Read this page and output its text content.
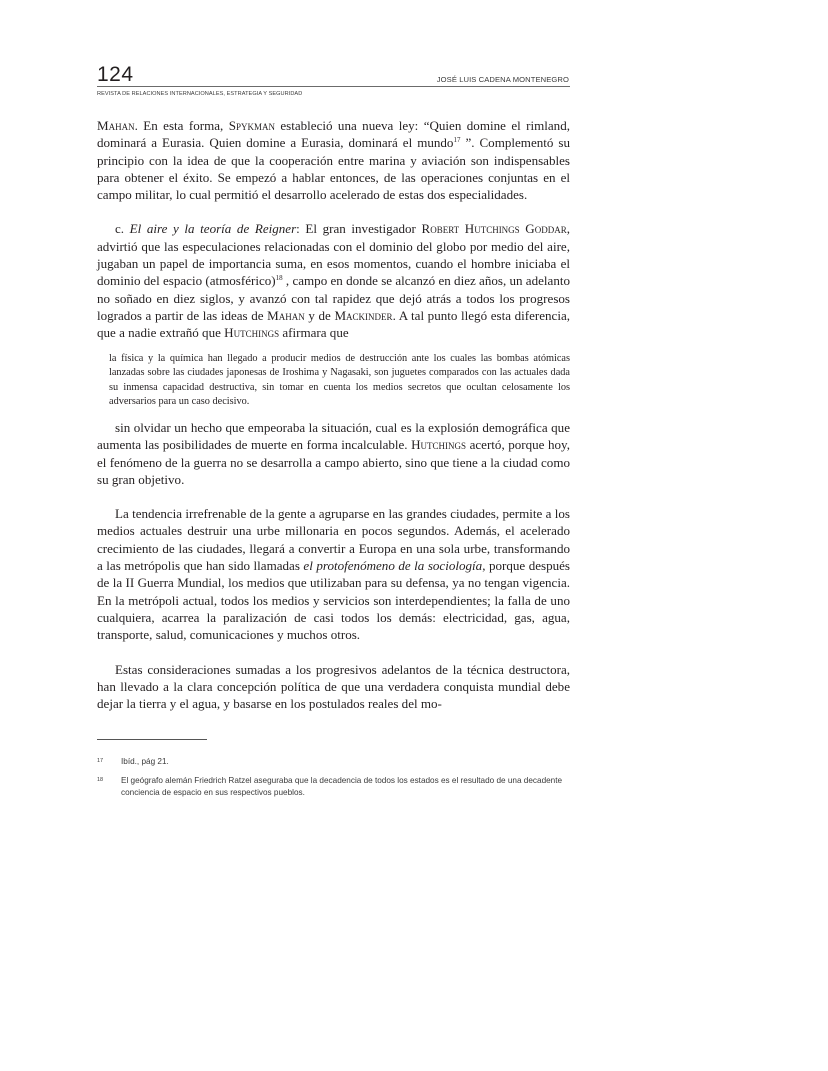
124	JOSÉ LUIS CADENA MONTENEGRO
REVISTA DE RELACIONES INTERNACIONALES, ESTRATEGIA Y SEGURIDAD

Mahan. En esta forma, Spykman estableció una nueva ley: “Quien domine el rimland, dominará a Eurasia. Quien domine a Eurasia, dominará el mundo$^{17}$ ”. Complementó su principio con la idea de que la cooperación entre marina y aviación son indispensables para obtener el éxito. Se empezó a hablar entonces, de las operaciones conjuntas en el campo militar, lo cual permitió el desarrollo acelerado de estas dos especialidades.

c. El aire y la teoría de Reigner: El gran investigador Robert Hutchings Goddar, advirtió que las especulaciones relacionadas con el dominio del globo por medio del aire, jugaban un papel de importancia suma, en esos momentos, cuando el hombre iniciaba el dominio del espacio (atmosférico)$^{18}$ , campo en donde se alcanzó en diez años, un adelanto no soñado en diez siglos, y avanzó con tal rapidez que dejó atrás a todos los progresos logrados a partir de las ideas de Mahan y de Mackinder. A tal punto llegó esta diferencia, que a nadie extrañó que Hutchings afirmara que

la física y la química han llegado a producir medios de destrucción ante los cuales las bombas atómicas lanzadas sobre las ciudades japonesas de Iroshima y Nagasaki, son juguetes comparados con las actuales dada su inmensa capacidad destructiva, sin tomar en cuenta los medios secretos que ocultan celosamente los adversarios para un caso decisivo.

sin olvidar un hecho que empeoraba la situación, cual es la explosión demográfica que aumenta las posibilidades de muerte en forma incalculable. Hutchings acertó, porque hoy, el fenómeno de la guerra no se desarrolla a campo abierto, sino que tiene a la ciudad como su gran objetivo.

La tendencia irrefrenable de la gente a agruparse en las grandes ciudades, permite a los medios actuales destruir una urbe millonaria en pocos segundos. Además, el acelerado crecimiento de las ciudades, llegará a convertir a Europa en una sola urbe, transformando a las metrópolis que han sido llamadas el protofenómeno de la sociología, porque después de la II Guerra Mundial, los medios que utilizaban para su defensa, ya no tengan vigencia. En la metrópoli actual, todos los medios y servicios son interdependientes; la falla de uno cualquiera, acarrea la paralización de casi todos los demás: electricidad, gas, agua, transporte, salud, comunicaciones y muchos otros.

Estas consideraciones sumadas a los progresivos adelantos de la técnica destructora, han llevado a la clara concepción política de que una verdadera conquista mundial debe dejar la tierra y el agua, y basarse en los postulados reales del mo-

17	Ibíd., pág 21.
18	El geógrafo alemán Friedrich Ratzel aseguraba que la decadencia de todos los estados es el resultado de una decadente conciencia de espacio en sus respectivos pueblos.
